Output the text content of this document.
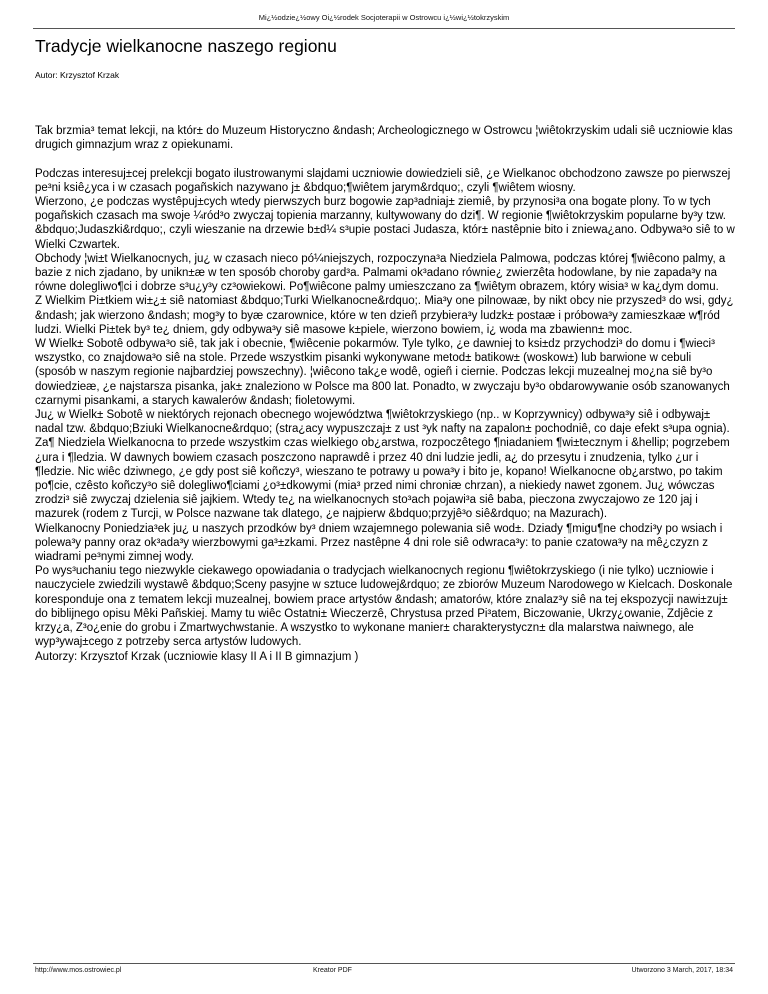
Mi¿½odzie¿½owy Oi¿½rodek Socjoterapii w Ostrowcu i¿½wi¿½tokrzyskim
Tradycje wielkanocne naszego regionu
Autor: Krzysztof Krzak

Tak brzmia³ temat lekcji, na któr± do Muzeum Historyczno &ndash; Archeologicznego w Ostrowcu ¦wiêtokrzyskim udali siê uczniowie klas drugich gimnazjum wraz z opiekunami.

Podczas interesuj±cej prelekcji bogato ilustrowanymi slajdami uczniowie dowiedzieli siê, ¿e Wielkanoc obchodzono zawsze po pierwszej pe³ni ksiê¿yca i w czasach pogañskich nazywano j± &bdquo;¶wiêtem jarym&rdquo;, czyli ¶wiêtem wiosny.

Wierzono, ¿e podczas wystêpuj±cych wtedy pierwszych burz bogowie zap³adniaj± ziemiê, by przynosi³a ona bogate plony. To w tych pogañskich czasach ma swoje ¼ród³o zwyczaj topienia marzanny, kultywowany do dzi¶. W regionie ¶wiêtokrzyskim popularne by³y tzw. &bdquo;Judaszki&rdquo;, czyli wieszanie na drzewie b±d¼ s³upie postaci Judasza, któr± nastêpnie bito i zniewa¿ano. Odbywa³o siê to w Wielki Czwartek.

Obchody ¦wi±t Wielkanocnych, ju¿ w czasach nieco pó¼niejszych, rozpoczyna³a Niedziela Palmowa, podczas której ¶wiêcono palmy, a bazie z nich zjadano, by unikn±æ w ten sposób choroby gard³a. Palmami ok³adano równie¿ zwierzêta hodowlane, by nie zapada³y na równe dolegliwo¶ci i dobrze s³u¿y³y cz³owiekowi. Po¶wiêcone palmy umieszczano za ¶wiêtym obrazem, który wisia³ w ka¿dym domu.

Z Wielkim Pi±tkiem wi±¿± siê natomiast &bdquo;Turki Wielkanocne&rdquo;. Mia³y one pilnowaæ, by nikt obcy nie przyszed³ do wsi, gdy¿ &ndash; jak wierzono &ndash; mog³y to byæ czarownice, które w ten dzieñ przybiera³y ludzk± postaæ i próbowa³y zamieszkaæ w¶ród ludzi. Wielki Pi±tek by³ te¿ dniem, gdy odbywa³y siê masowe k±piele, wierzono bowiem, i¿ woda ma zbawienn± moc.

W Wielk± Sobotê odbywa³o siê, tak jak i obecnie, ¶wiêcenie pokarmów. Tyle tylko, ¿e dawniej to ksi±dz przychodzi³ do domu i ¶wieci³ wszystko, co znajdowa³o siê na stole. Przede wszystkim pisanki wykonywane metod± batikow± (woskow±) lub barwione w cebuli (sposób w naszym regionie najbardziej powszechny). ¦wiêcono tak¿e wodê, ogieñ i ciernie. Podczas lekcji muzealnej mo¿na siê by³o dowiedzieæ, ¿e najstarsza pisanka, jak± znaleziono w Polsce ma 800 lat. Ponadto, w zwyczaju by³o obdarowywanie osób szanowanych czarnymi pisankami, a starych kawalerów &ndash; fioletowymi.

Ju¿ w Wielk± Sobotê w niektórych rejonach obecnego województwa ¶wiêtokrzyskiego (np.. w Koprzywnicy) odbywa³y siê i odbywaj± nadal tzw. &bdquo;Bziuki Wielkanocne&rdquo; (stra¿acy wypuszczaj± z ust ³yk nafty na zapalon± pochodniê, co daje efekt s³upa ognia).

Za¶ Niedziela Wielkanocna to przede wszystkim czas wielkiego ob¿arstwa, rozpoczêtego ¶niadaniem ¶wi±tecznym i &hellip; pogrzebem ¿ura i ¶ledzia. W dawnych bowiem czasach poszczono naprawdê i przez 40 dni ludzie jedli, a¿ do przesytu i znudzenia, tylko ¿ur i ¶ledzie. Nic wiêc dziwnego, ¿e gdy post siê koñczy³, wieszano te potrawy u powa³y i bito je, kopano! Wielkanocne ob¿arstwo, po takim po¶cie, czêsto koñczy³o siê dolegliwo¶ciami ¿o³±dkowymi (mia³ przed nimi chroniæ chrzan), a niekiedy nawet zgonem. Ju¿ wówczas zrodzi³ siê zwyczaj dzielenia siê jajkiem. Wtedy te¿ na wielkanocnych sto³ach pojawi³a siê baba, pieczona zwyczajowo ze 120 jaj i mazurek (rodem z Turcji, w Polsce nazwane tak dlatego, ¿e najpierw &bdquo;przyjê³o siê&rdquo; na Mazurach).

Wielkanocny Poniedzia³ek ju¿ u naszych przodków by³ dniem wzajemnego polewania siê wod±. Dziady ¶migu¶ne chodzi³y po wsiach i polewa³y panny oraz ok³ada³y wierzbowymi ga³±zkami. Przez nastêpne 4 dni role siê odwraca³y: to panie czatowa³y na mê¿czyzn z wiadrami pe³nymi zimnej wody.

Po wys³uchaniu tego niezwykle ciekawego opowiadania o tradycjach wielkanocnych regionu ¶wiêtokrzyskiego (i nie tylko) uczniowie i nauczyciele zwiedzili wystawê &bdquo;Sceny pasyjne w sztuce ludowej&rdquo; ze zbiorów Muzeum Narodowego w Kielcach. Doskonale koresponduje ona z tematem lekcji muzealnej, bowiem prace artystów &ndash; amatorów, które znalaz³y siê na tej ekspozycji nawi±zuj± do biblijnego opisu Mêki Pañskiej. Mamy tu wiêc Ostatni± Wieczerzê, Chrystusa przed Pi³atem, Biczowanie, Ukrzy¿owanie, Zdjêcie z krzy¿a, Z³o¿enie do grobu i Zmartwychwstanie. A wszystko to wykonane manier± charakterystyczn± dla malarstwa naiwnego, ale wyp³ywaj±cego z potrzeby serca artystów ludowych.

Autorzy: Krzysztof Krzak (uczniowie klasy II A i II B gimnazjum )

http://www.mos.ostrowiec.pl	Kreator PDF	Utworzono 3 March, 2017, 18:34
